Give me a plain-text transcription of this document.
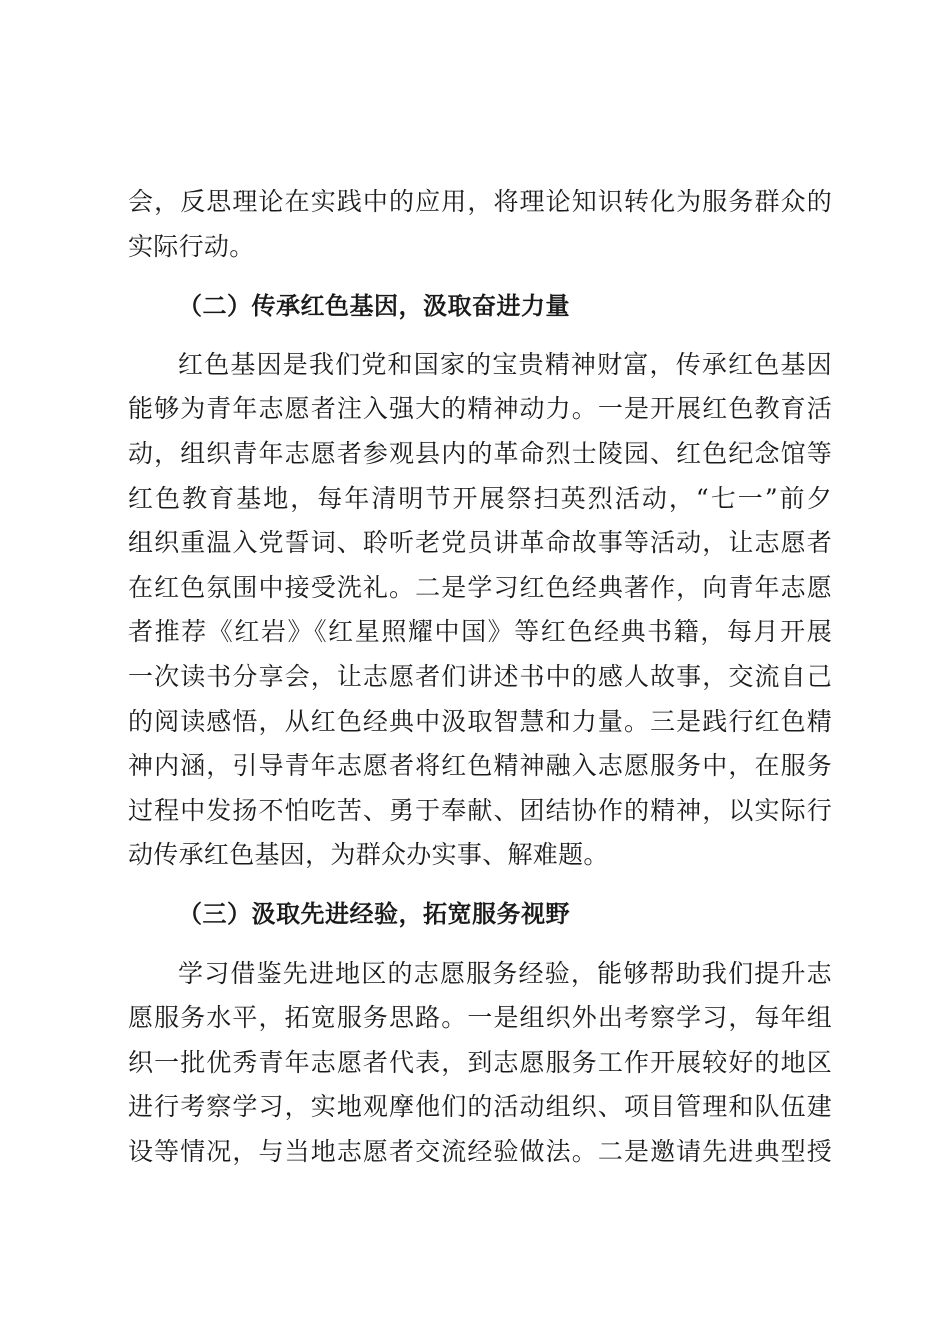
会，反思理论在实践中的应用，将理论知识转化为服务群众的
实际行动。
（二）传承红色基因，汲取奋进力量
红色基因是我们党和国家的宝贵精神财富，传承红色基因
能够为青年志愿者注入强大的精神动力。一是开展红色教育活
动，组织青年志愿者参观县内的革命烈士陵园、红色纪念馆等
红色教育基地，每年清明节开展祭扫英烈活动，“七一”前夕
组织重温入党誓词、聆听老党员讲革命故事等活动，让志愿者
在红色氛围中接受洗礼。二是学习红色经典著作，向青年志愿
者推荐《红岩》《红星照耀中国》等红色经典书籍，每月开展
一次读书分享会，让志愿者们讲述书中的感人故事，交流自己
的阅读感悟，从红色经典中汲取智慧和力量。三是践行红色精
神内涵，引导青年志愿者将红色精神融入志愿服务中，在服务
过程中发扬不怕吃苦、勇于奉献、团结协作的精神，以实际行
动传承红色基因，为群众办实事、解难题。
（三）汲取先进经验，拓宽服务视野
学习借鉴先进地区的志愿服务经验，能够帮助我们提升志
愿服务水平，拓宽服务思路。一是组织外出考察学习，每年组
织一批优秀青年志愿者代表，到志愿服务工作开展较好的地区
进行考察学习，实地观摩他们的活动组织、项目管理和队伍建
设等情况，与当地志愿者交流经验做法。二是邀请先进典型授
